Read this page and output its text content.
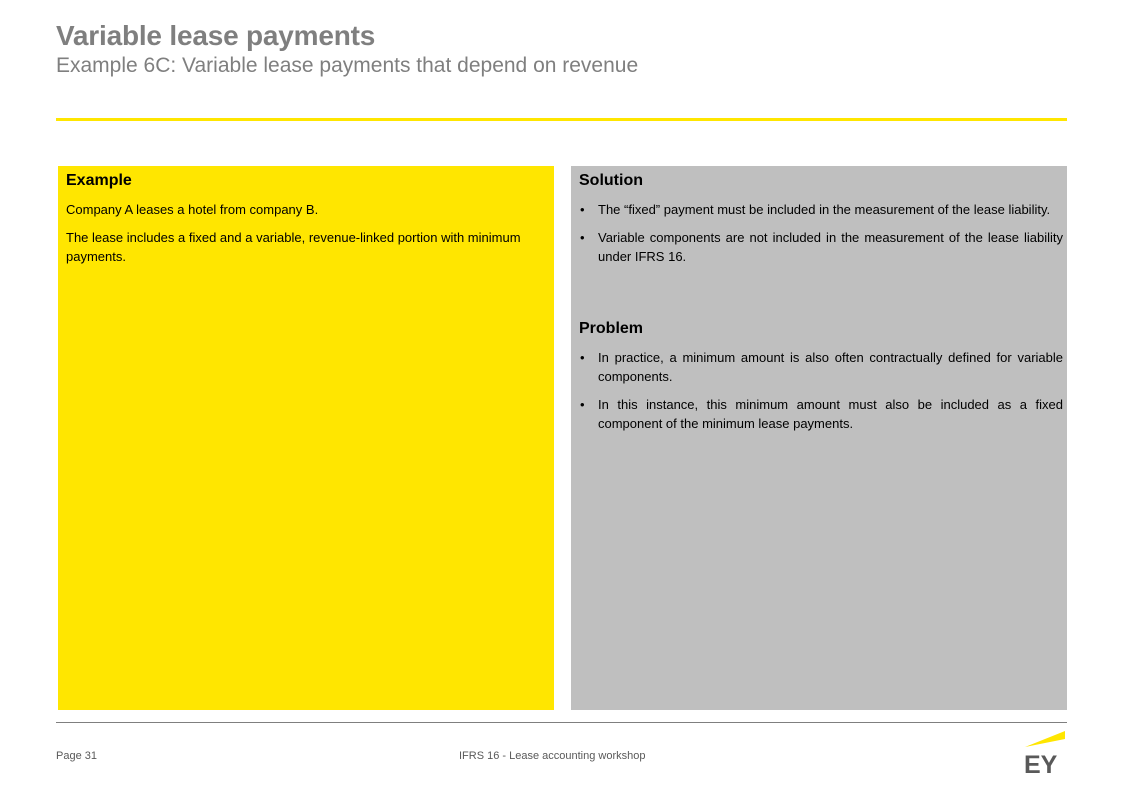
Variable lease payments
Example 6C: Variable lease payments that depend on revenue
Example

Company A leases a hotel from company B.

The lease includes a fixed and a variable, revenue-linked portion with minimum payments.

Solution
• The “fixed” payment must be included in the measurement of the lease liability.
• Variable components are not included in the measurement of the lease liability under IFRS 16.
Problem
• In practice, a minimum amount is also often contractually defined for variable components.
• In this instance, this minimum amount must also be included as a fixed component of the minimum lease payments.
Page 31	IFRS 16 - Lease accounting workshop	EY
